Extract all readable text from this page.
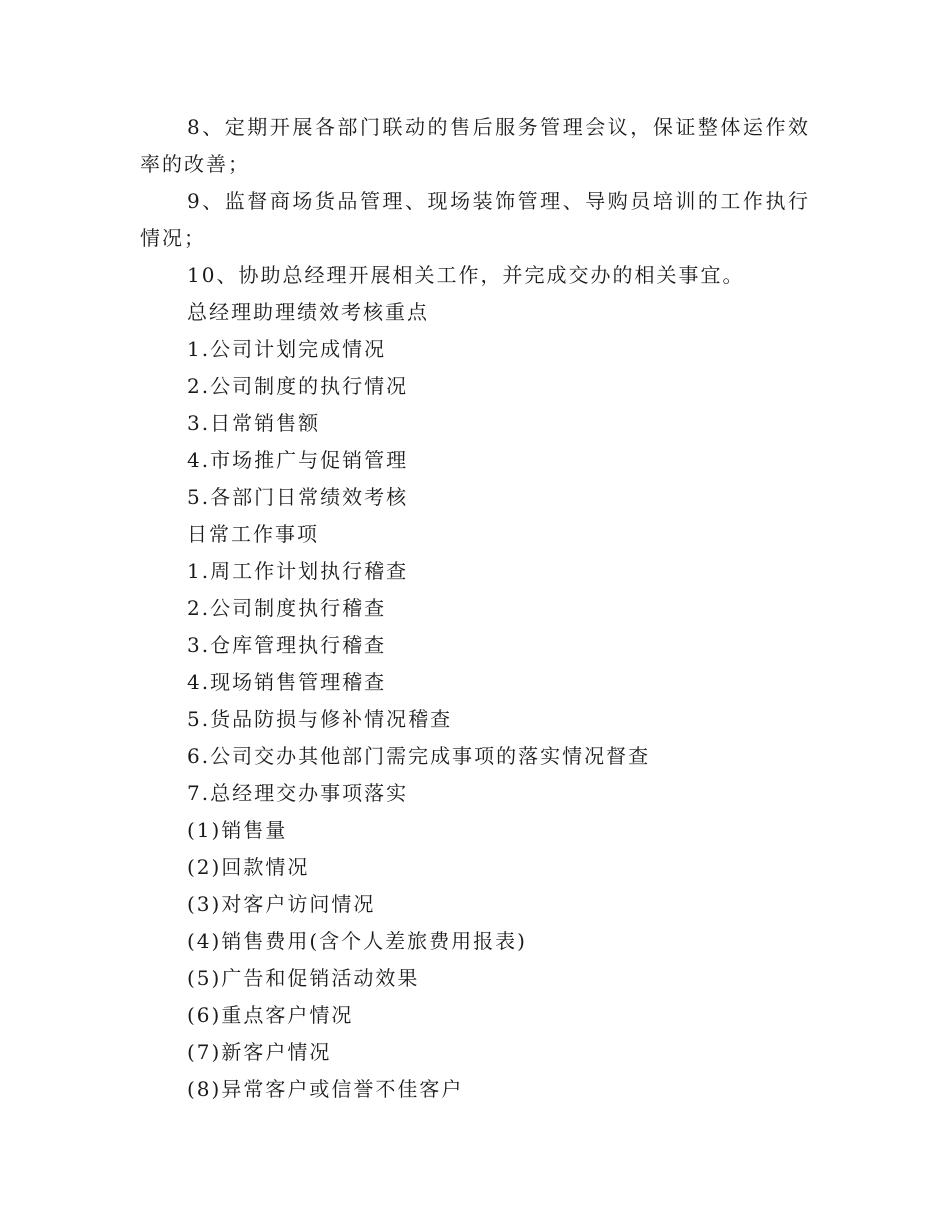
8、定期开展各部门联动的售后服务管理会议，保证整体运作效率的改善；

9、监督商场货品管理、现场装饰管理、导购员培训的工作执行情况；

10、协助总经理开展相关工作，并完成交办的相关事宜。

总经理助理绩效考核重点

1.公司计划完成情况

2.公司制度的执行情况

3.日常销售额

4.市场推广与促销管理

5.各部门日常绩效考核

日常工作事项

1.周工作计划执行稽查

2.公司制度执行稽查

3.仓库管理执行稽查

4.现场销售管理稽查

5.货品防损与修补情况稽查

6.公司交办其他部门需完成事项的落实情况督查

7.总经理交办事项落实

(1)销售量

(2)回款情况

(3)对客户访问情况

(4)销售费用(含个人差旅费用报表)

(5)广告和促销活动效果

(6)重点客户情况

(7)新客户情况

(8)异常客户或信誉不佳客户
